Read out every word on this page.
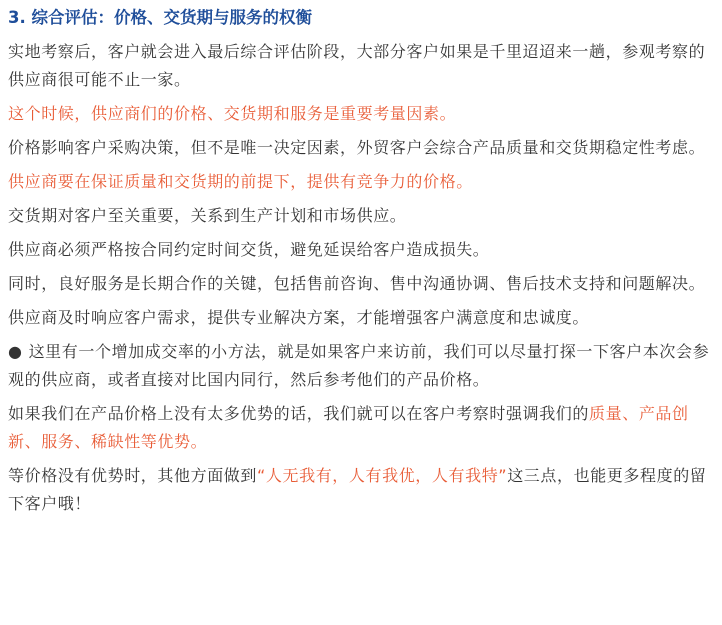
3. 综合评估：价格、交货期与服务的权衡

实地考察后，客户就会进入最后综合评估阶段，大部分客户如果是千里迢迢来一趟，参观考察的供应商很可能不止一家。

这个时候，供应商们的价格、交货期和服务是重要考量因素。

价格影响客户采购决策，但不是唯一决定因素，外贸客户会综合产品质量和交货期稳定性考虑。

供应商要在保证质量和交货期的前提下，提供有竞争力的价格。

交货期对客户至关重要，关系到生产计划和市场供应。

供应商必须严格按合同约定时间交货，避免延误给客户造成损失。

同时，良好服务是长期合作的关键，包括售前咨询、售中沟通协调、售后技术支持和问题解决。

供应商及时响应客户需求，提供专业解决方案，才能增强客户满意度和忠诚度。

● 这里有一个增加成交率的小方法，就是如果客户来访前，我们可以尽量打探一下客户本次会参观的供应商，或者直接对比国内同行，然后参考他们的产品价格。

如果我们在产品价格上没有太多优势的话，我们就可以在客户考察时强调我们的质量、产品创新、服务、稀缺性等优势。

等价格没有优势时，其他方面做到“人无我有，人有我优，人有我特”这三点，也能更多程度的留下客户哦！
